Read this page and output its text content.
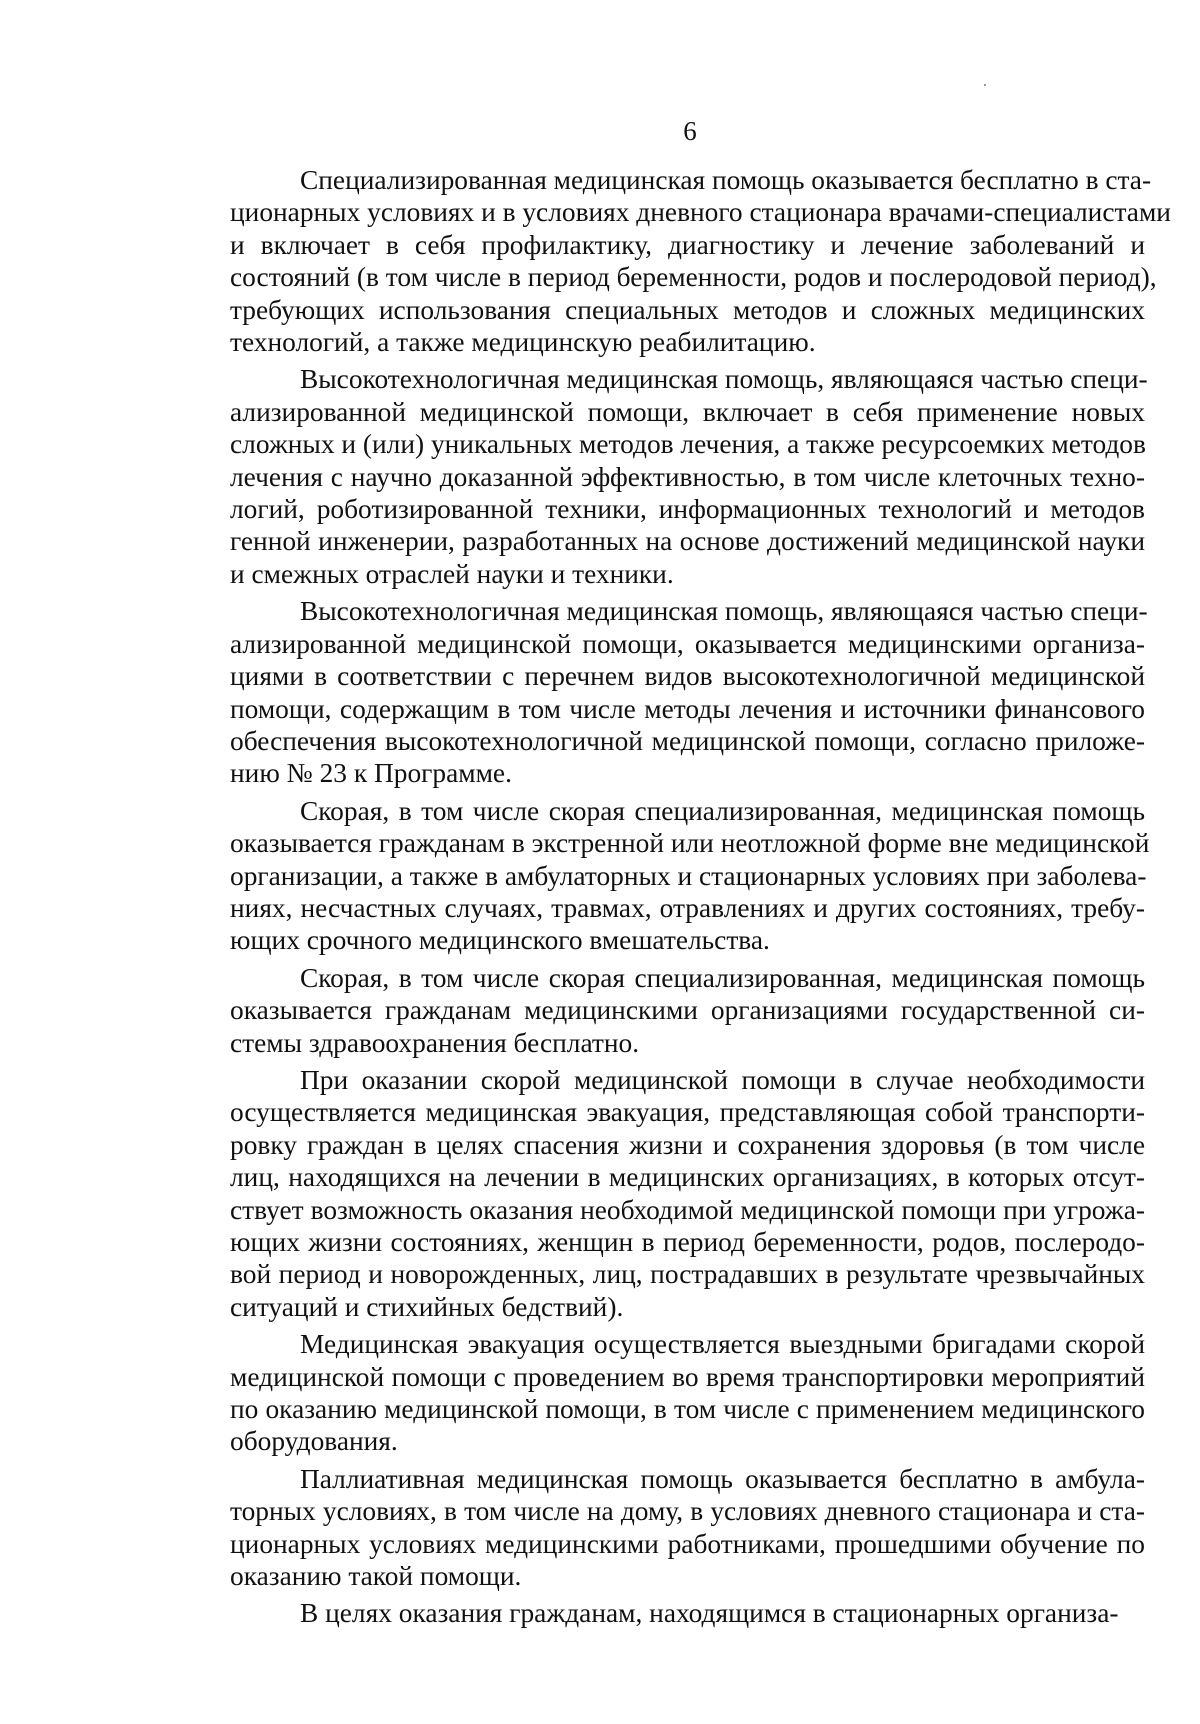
6
Специализированная медицинская помощь оказывается бесплатно в ста-
ционарных условиях и в условиях дневного стационара врачами-специалистами
и включает в себя профилактику, диагностику и лечение заболеваний и
состояний (в том числе в период беременности, родов и послеродовой период),
требующих использования специальных методов и сложных медицинских
технологий, а также медицинскую реабилитацию.
Высокотехнологичная медицинская помощь, являющаяся частью специ-
ализированной медицинской помощи, включает в себя применение новых
сложных и (или) уникальных методов лечения, а также ресурсоемких методов
лечения с научно доказанной эффективностью, в том числе клеточных техно-
логий, роботизированной техники, информационных технологий и методов
генной инженерии, разработанных на основе достижений медицинской науки
и смежных отраслей науки и техники.
Высокотехнологичная медицинская помощь, являющаяся частью специ-
ализированной медицинской помощи, оказывается медицинскими организа-
циями в соответствии с перечнем видов высокотехнологичной медицинской
помощи, содержащим в том числе методы лечения и источники финансового
обеспечения высокотехнологичной медицинской помощи, согласно приложе-
нию № 23 к Программе.
Скорая, в том числе скорая специализированная, медицинская помощь
оказывается гражданам в экстренной или неотложной форме вне медицинской
организации, а также в амбулаторных и стационарных условиях при заболева-
ниях, несчастных случаях, травмах, отравлениях и других состояниях, требу-
ющих срочного медицинского вмешательства.
Скорая, в том числе скорая специализированная, медицинская помощь
оказывается гражданам медицинскими организациями государственной си-
стемы здравоохранения бесплатно.
При оказании скорой медицинской помощи в случае необходимости
осуществляется медицинская эвакуация, представляющая собой транспорти-
ровку граждан в целях спасения жизни и сохранения здоровья (в том числе
лиц, находящихся на лечении в медицинских организациях, в которых отсут-
ствует возможность оказания необходимой медицинской помощи при угрожа-
ющих жизни состояниях, женщин в период беременности, родов, послеродо-
вой период и новорожденных, лиц, пострадавших в результате чрезвычайных
ситуаций и стихийных бедствий).
Медицинская эвакуация осуществляется выездными бригадами скорой
медицинской помощи с проведением во время транспортировки мероприятий
по оказанию медицинской помощи, в том числе с применением медицинского
оборудования.
Паллиативная медицинская помощь оказывается бесплатно в амбула-
торных условиях, в том числе на дому, в условиях дневного стационара и ста-
ционарных условиях медицинскими работниками, прошедшими обучение по
оказанию такой помощи.
В целях оказания гражданам, находящимся в стационарных организа-
